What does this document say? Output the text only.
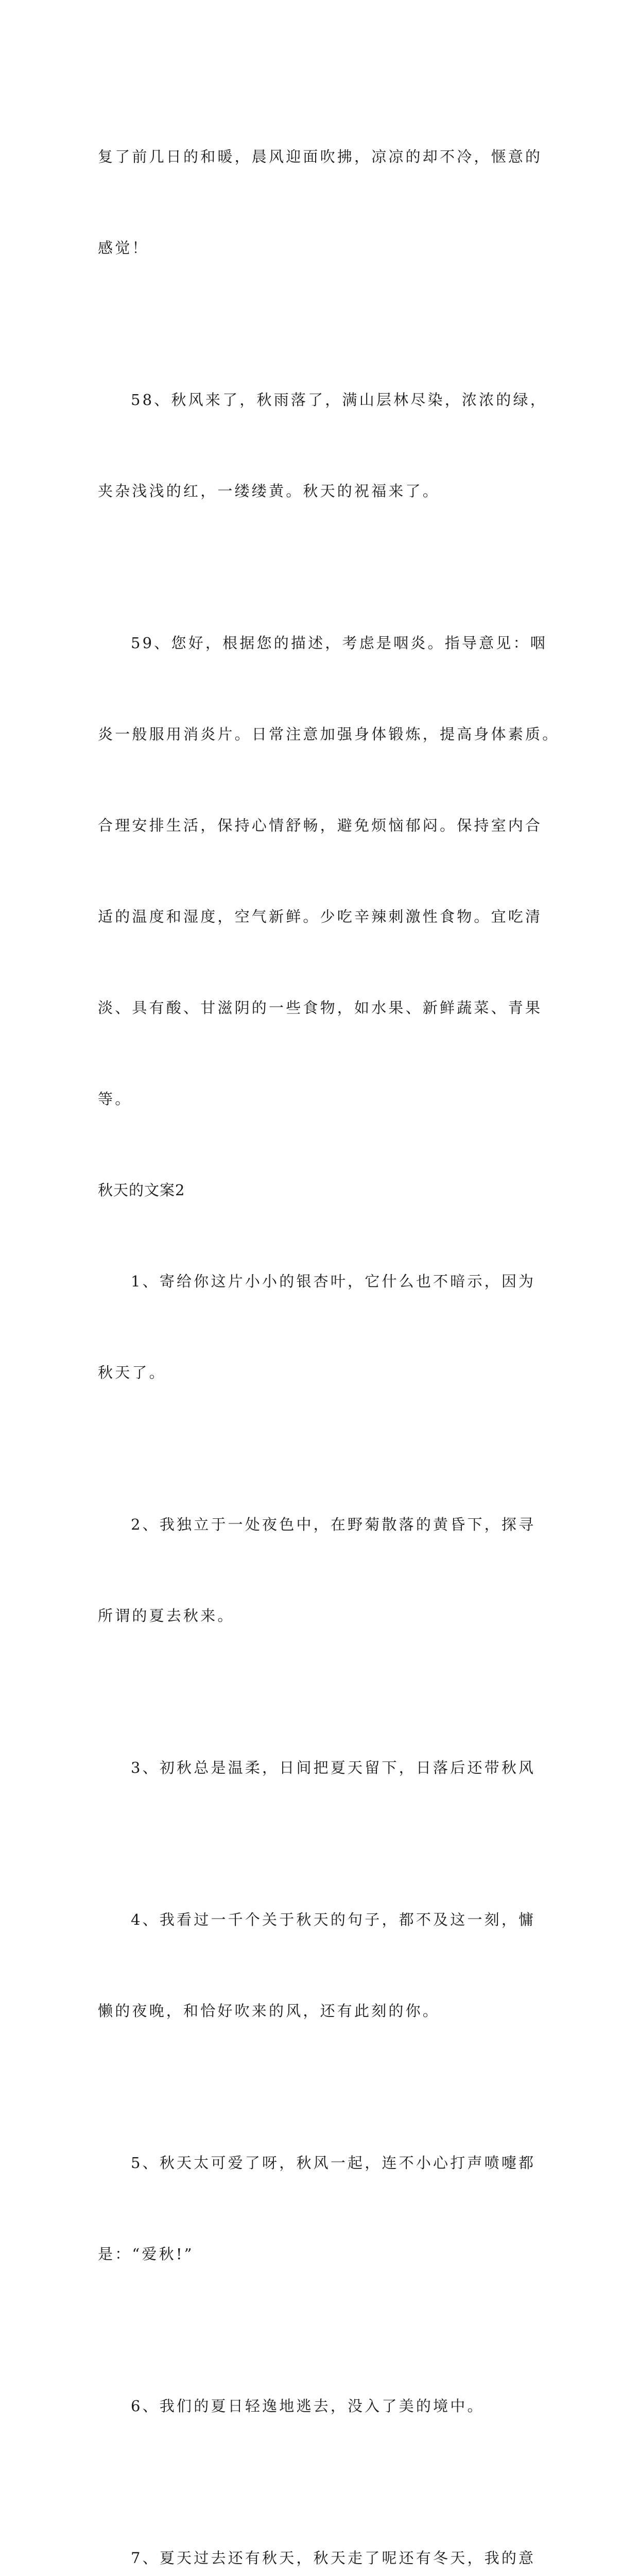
复了前几日的和暖，晨风迎面吹拂，凉凉的却不冷，惬意的

感觉！

58、秋风来了，秋雨落了，满山层林尽染，浓浓的绿，

夹杂浅浅的红，一缕缕黄。秋天的祝福来了。

59、您好，根据您的描述，考虑是咽炎。指导意见：咽

炎一般服用消炎片。日常注意加强身体锻炼，提高身体素质。

合理安排生活，保持心情舒畅，避免烦恼郁闷。保持室内合

适的温度和湿度，空气新鲜。少吃辛辣刺激性食物。宜吃清

淡、具有酸、甘滋阴的一些食物，如水果、新鲜蔬菜、青果

等。

秋天的文案2

1、寄给你这片小小的银杏叶，它什么也不暗示，因为

秋天了。

2、我独立于一处夜色中，在野菊散落的黄昏下，探寻

所谓的夏去秋来。

3、初秋总是温柔，日间把夏天留下，日落后还带秋风

4、我看过一千个关于秋天的句子，都不及这一刻，慵

懒的夜晚，和恰好吹来的风，还有此刻的你。

5、秋天太可爱了呀，秋风一起，连不小心打声喷嚏都

是：“爱秋!”

6、我们的夏日轻逸地逃去，没入了美的境中。

7、夏天过去还有秋天，秋天走了呢还有冬天，我的意
